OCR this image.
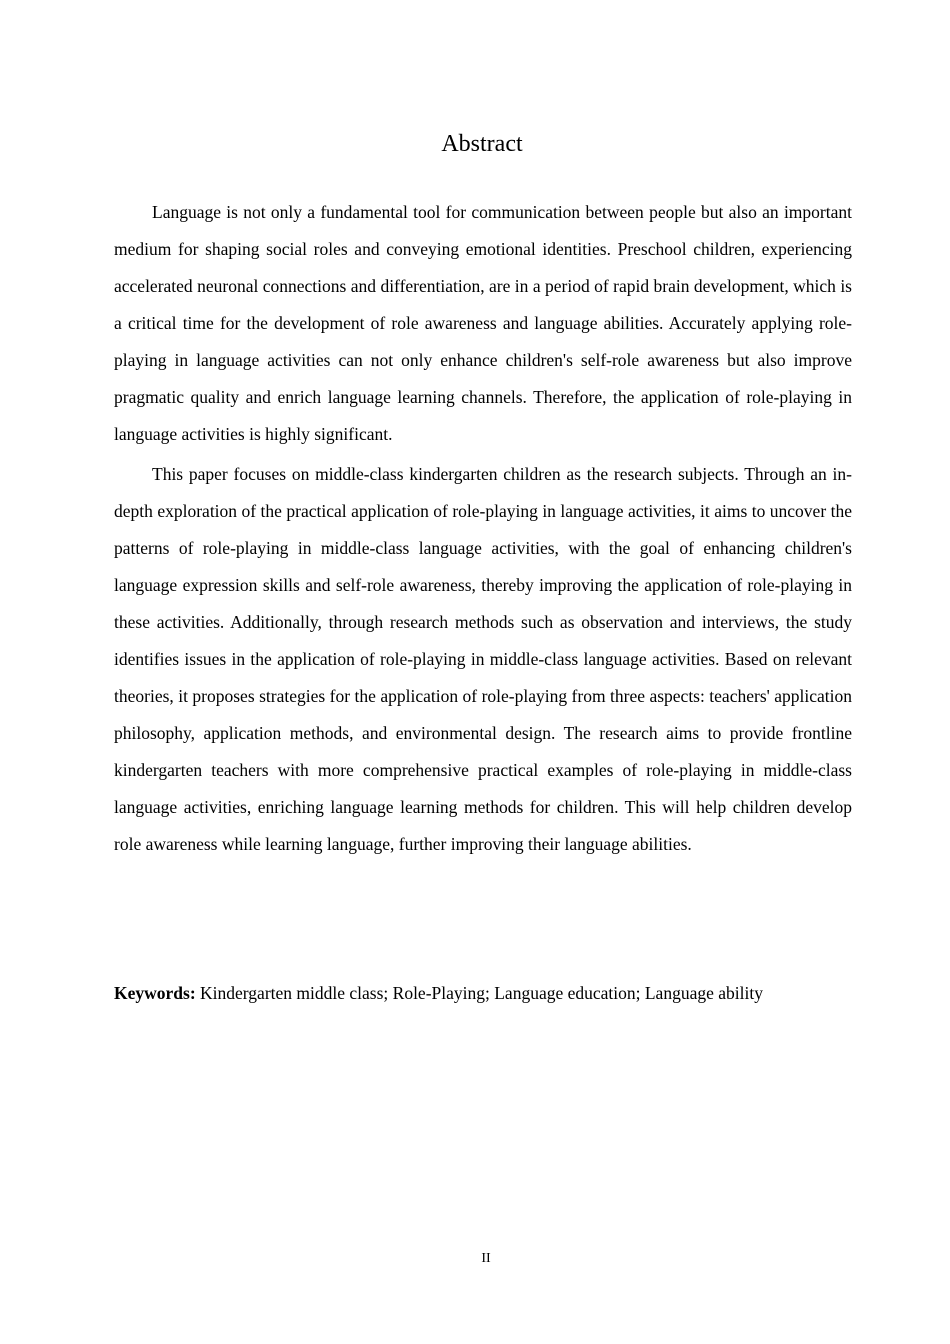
Abstract

Language is not only a fundamental tool for communication between people but also an important medium for shaping social roles and conveying emotional identities. Preschool children, experiencing accelerated neuronal connections and differentiation, are in a period of rapid brain development, which is a critical time for the development of role awareness and language abilities. Accurately applying role-playing in language activities can not only enhance children's self-role awareness but also improve pragmatic quality and enrich language learning channels. Therefore, the application of role-playing in language activities is highly significant.

This paper focuses on middle-class kindergarten children as the research subjects. Through an in-depth exploration of the practical application of role-playing in language activities, it aims to uncover the patterns of role-playing in middle-class language activities, with the goal of enhancing children's language expression skills and self-role awareness, thereby improving the application of role-playing in these activities. Additionally, through research methods such as observation and interviews, the study identifies issues in the application of role-playing in middle-class language activities. Based on relevant theories, it proposes strategies for the application of role-playing from three aspects: teachers' application philosophy, application methods, and environmental design. The research aims to provide frontline kindergarten teachers with more comprehensive practical examples of role-playing in middle-class language activities, enriching language learning methods for children. This will help children develop role awareness while learning language, further improving their language abilities.

Keywords: Kindergarten middle class; Role-Playing; Language education; Language ability

II
